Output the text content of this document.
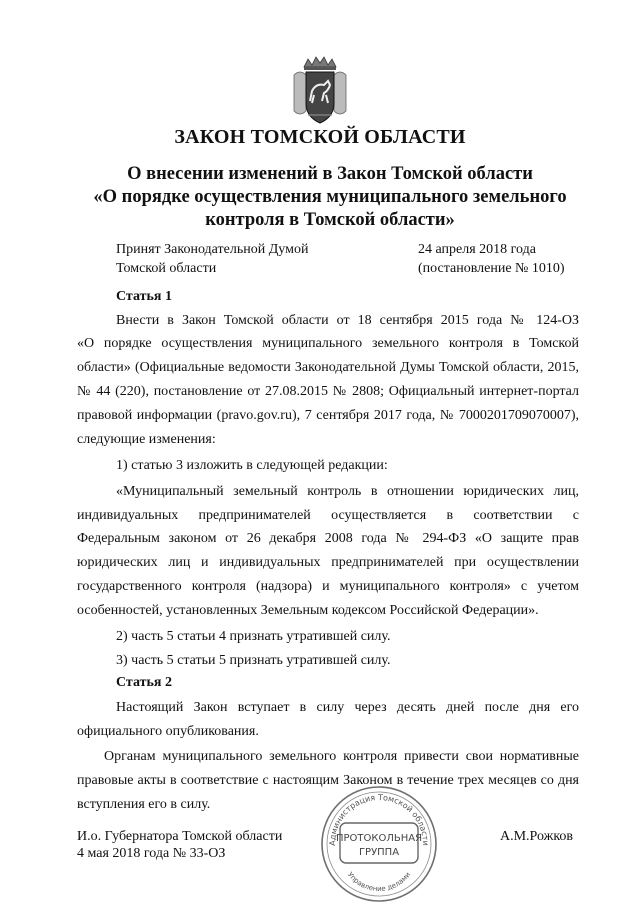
ЗАКОН ТОМСКОЙ ОБЛАСТИ
О внесении изменений в Закон Томской области
«О порядке осуществления муниципального земельного
контроля в Томской области»
Принят Законодательной Думой
Томской области
24 апреля 2018 года
(постановление № 1010)
Статья 1
Внести в Закон Томской области от 18 сентября 2015 года № 124-ОЗ
«О порядке осуществления муниципального земельного контроля в Томской
области» (Официальные ведомости Законодательной Думы Томской области, 2015,
№ 44 (220), постановление от 27.08.2015 № 2808; Официальный интернет-портал
правовой информации (pravo.gov.ru), 7 сентября 2017 года, № 7000201709070007),
следующие изменения:
1) статью 3 изложить в следующей редакции:
«Муниципальный земельный контроль в отношении юридических лиц,
индивидуальных предпринимателей осуществляется в соответствии с
Федеральным законом от 26 декабря 2008 года № 294-ФЗ «О защите прав
юридических лиц и индивидуальных предпринимателей при осуществлении
государственного контроля (надзора) и муниципального контроля» с учетом
особенностей, установленных Земельным кодексом Российской Федерации».
2) часть 5 статьи 4 признать утратившей силу.
3) часть 5 статьи 5 признать утратившей силу.
Статья 2
Настоящий Закон вступает в силу через десять дней после дня его
официального опубликования.
Органам муниципального земельного контроля привести свои нормативные
правовые акты в соответствие с настоящим Законом в течение трех месяцев со дня
вступления его в силу.
И.о. Губернатора Томской области
4 мая 2018 года № 33-ОЗ
А.М.Рожков
Администрация Томской области
ПРОТОКОЛЬНАЯ
ГРУППА
Управление делами
